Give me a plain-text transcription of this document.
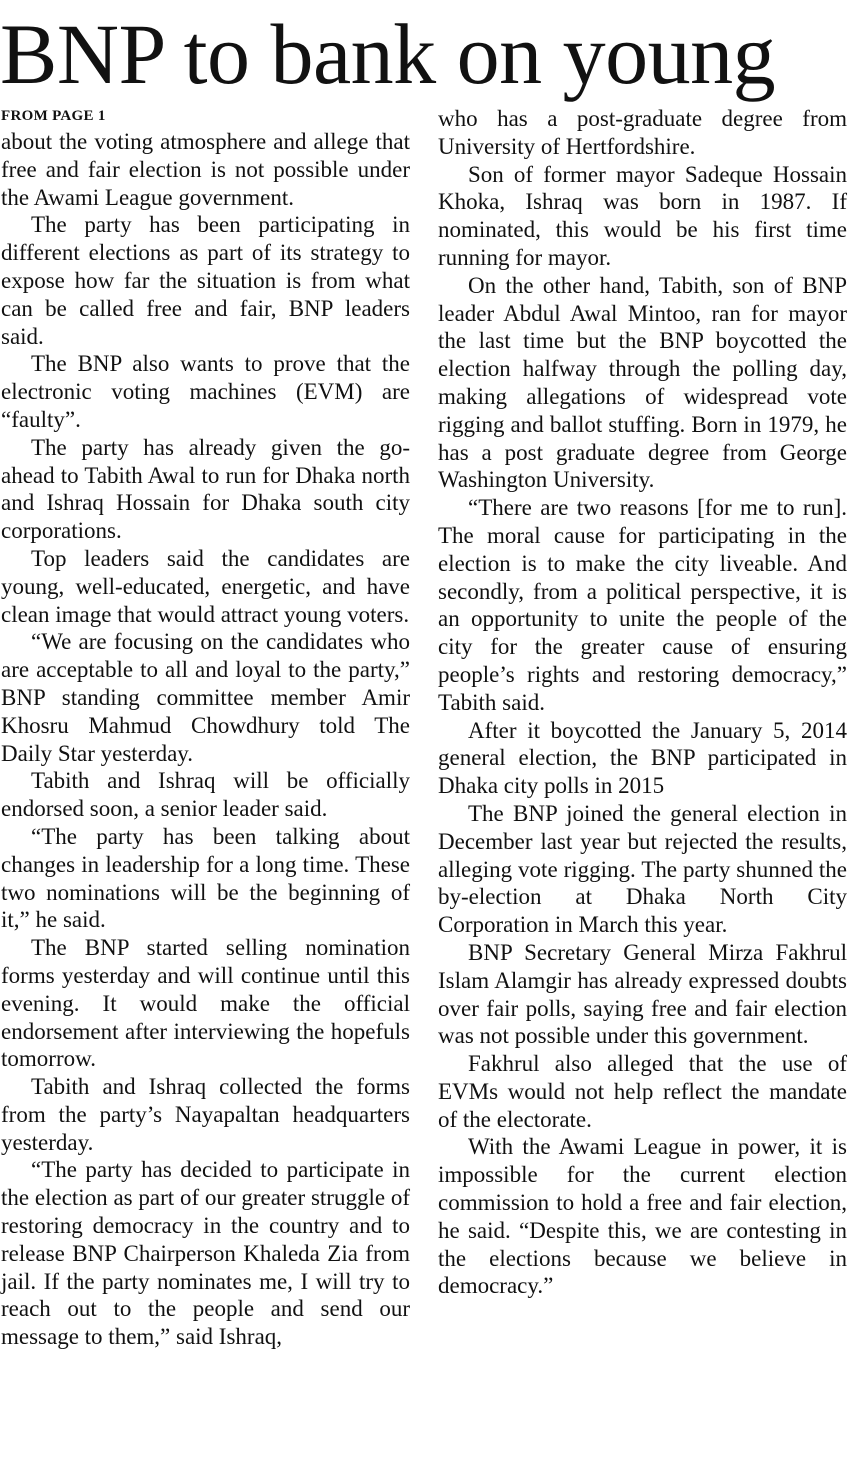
BNP to bank on young
FROM PAGE 1

about the voting atmosphere and allege that free and fair election is not possible under the Awami League government.

The party has been participating in different elections as part of its strategy to expose how far the situation is from what can be called free and fair, BNP leaders said.

The BNP also wants to prove that the electronic voting machines (EVM) are “faulty”.

The party has already given the go-ahead to Tabith Awal to run for Dhaka north and Ishraq Hossain for Dhaka south city corporations.

Top leaders said the candidates are young, well-educated, energetic, and have clean image that would attract young voters.

“We are focusing on the candidates who are acceptable to all and loyal to the party,” BNP standing committee member Amir Khosru Mahmud Chowdhury told The Daily Star yesterday.

Tabith and Ishraq will be officially endorsed soon, a senior leader said.

“The party has been talking about changes in leadership for a long time. These two nominations will be the beginning of it,” he said.

The BNP started selling nomination forms yesterday and will continue until this evening. It would make the official endorsement after interviewing the hopefuls tomorrow.

Tabith and Ishraq collected the forms from the party’s Nayapaltan headquarters yesterday.

“The party has decided to participate in the election as part of our greater struggle of restoring democracy in the country and to release BNP Chairperson Khaleda Zia from jail. If the party nominates me, I will try to reach out to the people and send our message to them,” said Ishraq,

who has a post-graduate degree from University of Hertfordshire.

Son of former mayor Sadeque Hossain Khoka, Ishraq was born in 1987. If nominated, this would be his first time running for mayor.

On the other hand, Tabith, son of BNP leader Abdul Awal Mintoo, ran for mayor the last time but the BNP boycotted the election halfway through the polling day, making allegations of widespread vote rigging and ballot stuffing. Born in 1979, he has a post graduate degree from George Washington University.

“There are two reasons [for me to run]. The moral cause for participating in the election is to make the city liveable. And secondly, from a political perspective, it is an opportunity to unite the people of the city for the greater cause of ensuring people’s rights and restoring democracy,” Tabith said.

After it boycotted the January 5, 2014 general election, the BNP participated in Dhaka city polls in 2015

The BNP joined the general election in December last year but rejected the results, alleging vote rigging. The party shunned the by-election at Dhaka North City Corporation in March this year.

BNP Secretary General Mirza Fakhrul Islam Alamgir has already expressed doubts over fair polls, saying free and fair election was not possible under this government.

Fakhrul also alleged that the use of EVMs would not help reflect the mandate of the electorate.

With the Awami League in power, it is impossible for the current election commission to hold a free and fair election, he said. “Despite this, we are contesting in the elections because we believe in democracy.”
